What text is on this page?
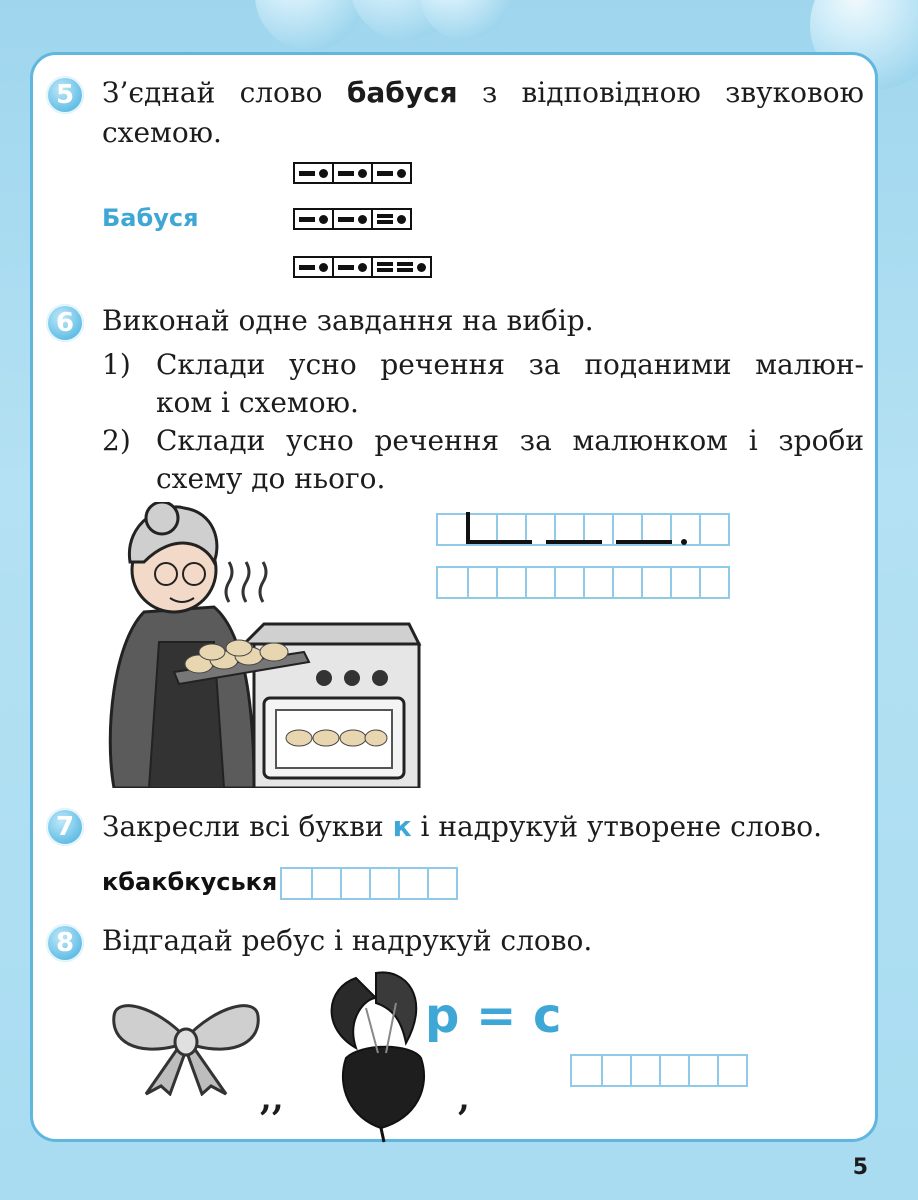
5 З’єднай слово бабуся з відповідною звуковою
схемою.
Бабуся
6 Виконай одне завдання на вибір.
1) Склади усно речення за поданими малюн-
ком і схемою.
2) Склади усно речення за малюнком і зроби
схему до нього.
7 Закресли всі букви к і надрукуй утворене слово.
кбакбкуськя
8 Відгадай ребус і надрукуй слово.
,,
р = с
,
5
